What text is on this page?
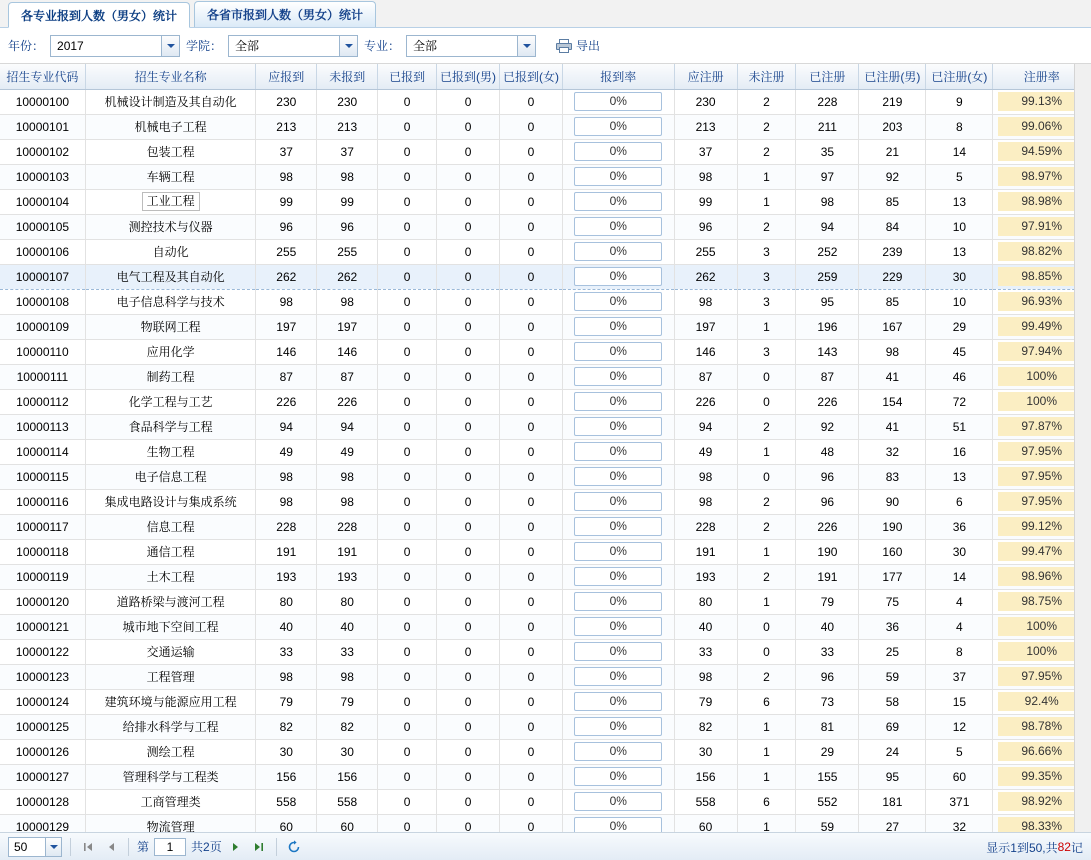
各专业报到人数（男女）统计	各省市报到人数（男女）统计
年份： 2017	学院： 全部	专业： 全部	导出
招生专业代码	招生专业名称	应报到	未报到	已报到	已报到(男)	已报到(女)	报到率	应注册	未注册	已注册	已注册(男)	已注册(女)	注册率
10000100	机械设计制造及其自动化	230	230	0	0	0	0%	230	2	228	219	9	99.13%
10000101	机械电子工程	213	213	0	0	0	0%	213	2	211	203	8	99.06%
10000102	包装工程	37	37	0	0	0	0%	37	2	35	21	14	94.59%
10000103	车辆工程	98	98	0	0	0	0%	98	1	97	92	5	98.97%
10000104	工业工程	99	99	0	0	0	0%	99	1	98	85	13	98.98%
10000105	测控技术与仪器	96	96	0	0	0	0%	96	2	94	84	10	97.91%
10000106	自动化	255	255	0	0	0	0%	255	3	252	239	13	98.82%
10000107	电气工程及其自动化	262	262	0	0	0	0%	262	3	259	229	30	98.85%
10000108	电子信息科学与技术	98	98	0	0	0	0%	98	3	95	85	10	96.93%
10000109	物联网工程	197	197	0	0	0	0%	197	1	196	167	29	99.49%
10000110	应用化学	146	146	0	0	0	0%	146	3	143	98	45	97.94%
10000111	制药工程	87	87	0	0	0	0%	87	0	87	41	46	100%
10000112	化学工程与工艺	226	226	0	0	0	0%	226	0	226	154	72	100%
10000113	食品科学与工程	94	94	0	0	0	0%	94	2	92	41	51	97.87%
10000114	生物工程	49	49	0	0	0	0%	49	1	48	32	16	97.95%
10000115	电子信息工程	98	98	0	0	0	0%	98	0	96	83	13	97.95%
10000116	集成电路设计与集成系统	98	98	0	0	0	0%	98	2	96	90	6	97.95%
10000117	信息工程	228	228	0	0	0	0%	228	2	226	190	36	99.12%
10000118	通信工程	191	191	0	0	0	0%	191	1	190	160	30	99.47%
10000119	土木工程	193	193	0	0	0	0%	193	2	191	177	14	98.96%
10000120	道路桥梁与渡河工程	80	80	0	0	0	0%	80	1	79	75	4	98.75%
10000121	城市地下空间工程	40	40	0	0	0	0%	40	0	40	36	4	100%
10000122	交通运输	33	33	0	0	0	0%	33	0	33	25	8	100%
10000123	工程管理	98	98	0	0	0	0%	98	2	96	59	37	97.95%
10000124	建筑环境与能源应用工程	79	79	0	0	0	0%	79	6	73	58	15	92.4%
10000125	给排水科学与工程	82	82	0	0	0	0%	82	1	81	69	12	98.78%
10000126	测绘工程	30	30	0	0	0	0%	30	1	29	24	5	96.66%
10000127	管理科学与工程类	156	156	0	0	0	0%	156	1	155	95	60	99.35%
10000128	工商管理类	558	558	0	0	0	0%	558	6	552	181	371	98.92%
10000129	物流管理	60	60	0	0	0	0%	60	1	59	27	32	98.33%
50	第	1	共2页	显示1到50,共 82 记
